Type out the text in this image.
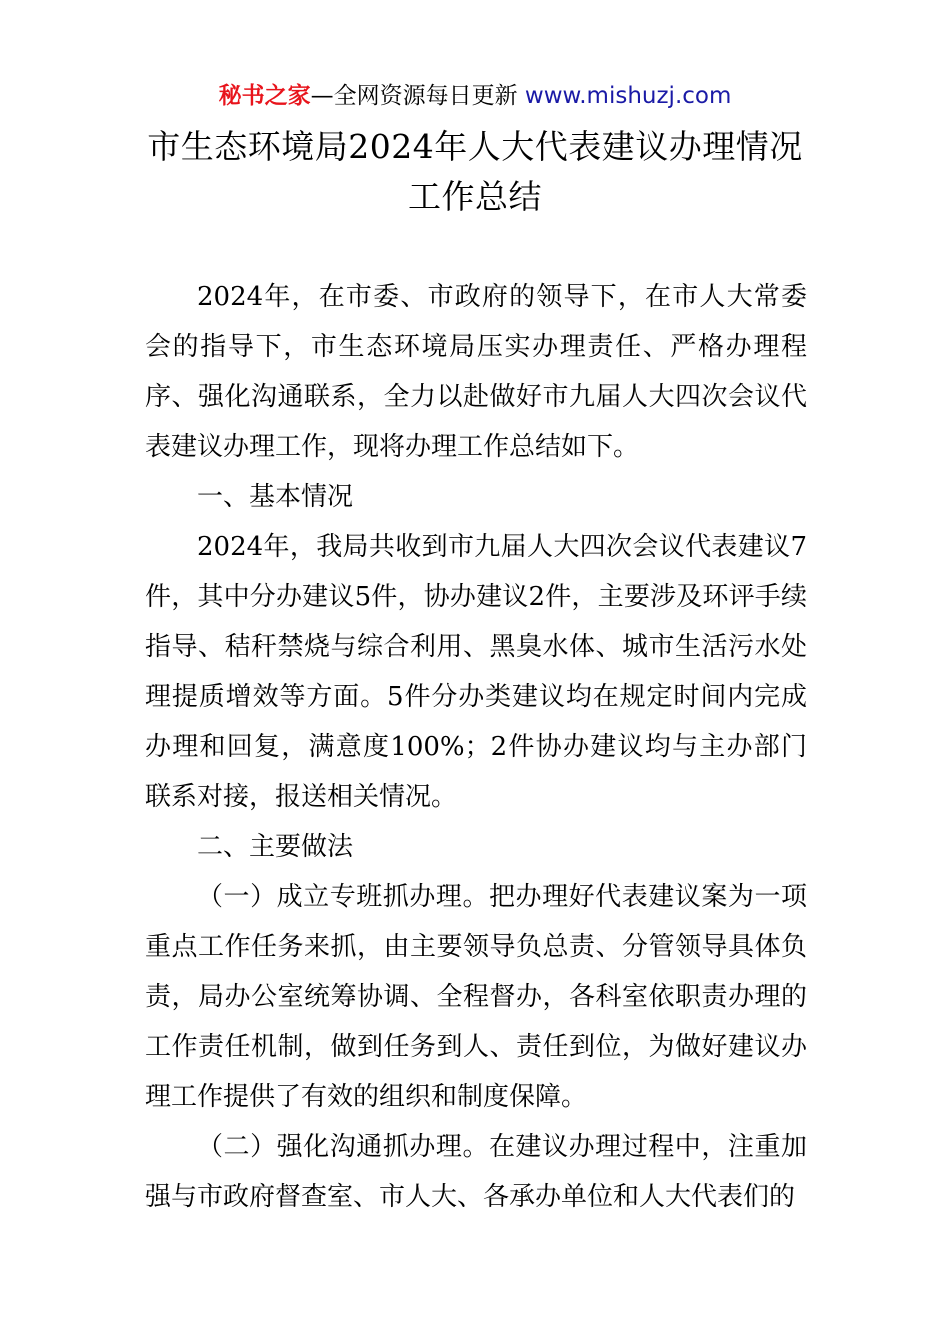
秘书之家—全网资源每日更新 www.mishuzj.com
市生态环境局2024年人大代表建议办理情况
工作总结

2024年，在市委、市政府的领导下，在市人大常委会的指导下，市生态环境局压实办理责任、严格办理程序、强化沟通联系，全力以赴做好市九届人大四次会议代表建议办理工作，现将办理工作总结如下。

一、基本情况

2024年，我局共收到市九届人大四次会议代表建议7件，其中分办建议5件，协办建议2件，主要涉及环评手续指导、秸秆禁烧与综合利用、黑臭水体、城市生活污水处理提质增效等方面。5件分办类建议均在规定时间内完成办理和回复，满意度100%；2件协办建议均与主办部门联系对接，报送相关情况。

二、主要做法

（一）成立专班抓办理。把办理好代表建议案为一项重点工作任务来抓，由主要领导负总责、分管领导具体负责，局办公室统筹协调、全程督办，各科室依职责办理的工作责任机制，做到任务到人、责任到位，为做好建议办理工作提供了有效的组织和制度保障。

（二）强化沟通抓办理。在建议办理过程中，注重加强与市政府督查室、市人大、各承办单位和人大代表们的
